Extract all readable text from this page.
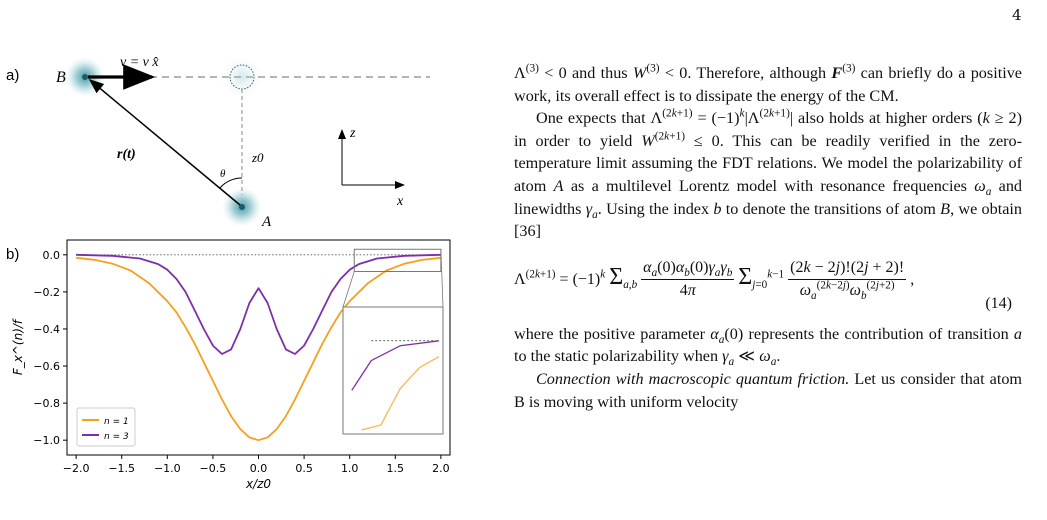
4
a) B
A
v = v x̂
r(t)
θ
z0
z
x
b)
−2.0 −1.5 −1.0 −0.5 0.0	0.5	1.0	1.5	2.0
0.0
−0.2
−0.4
−0.6
−0.8
−1.0
x/z0
F_x^(n)/f
n = 1
n = 3

$\Lambda^{(3)} < 0$ and thus $W^{(3)} < 0$. Therefore, although $F^{(3)}$ can briefly do a positive work, its overall effect is to dissipate the energy of the CM.

One expects that $\Lambda^{(2k+1)} = (-1)^k|\Lambda^{(2k+1)}|$ also holds at higher orders (k ≥ 2) in order to yield $W^{(2k+1)} \le 0$. This can be readily verified in the zero-temperature limit assuming the FDT relations. We model the polarizability of atom A as a multilevel Lorentz model with resonance frequencies $\omega_a$ and linewidths $\gamma_a$. Using the index b to denote the transitions of atom B, we obtain [36]

$\Lambda^{(2k+1)} = (-1)^k$ $\Sigma_{a,b}$
$\alpha_a(0)\alpha_b(0)\gamma_a\gamma_b$
4π
$\Sigma_{j=0}^{k-1} \frac{(2k - 2j)!(2j + 2)!}{\omega_a^{(2k-2j)}\omega_b^{(2j+2)}}$ ,
(14)

where the positive parameter $\alpha_a(0)$ represents the contribution of transition a to the static polarizability when $\gamma_a$ ≪ $\omega_a$.

Connection with macroscopic quantum friction. Let us consider that atom B is moving with uniform velocity
